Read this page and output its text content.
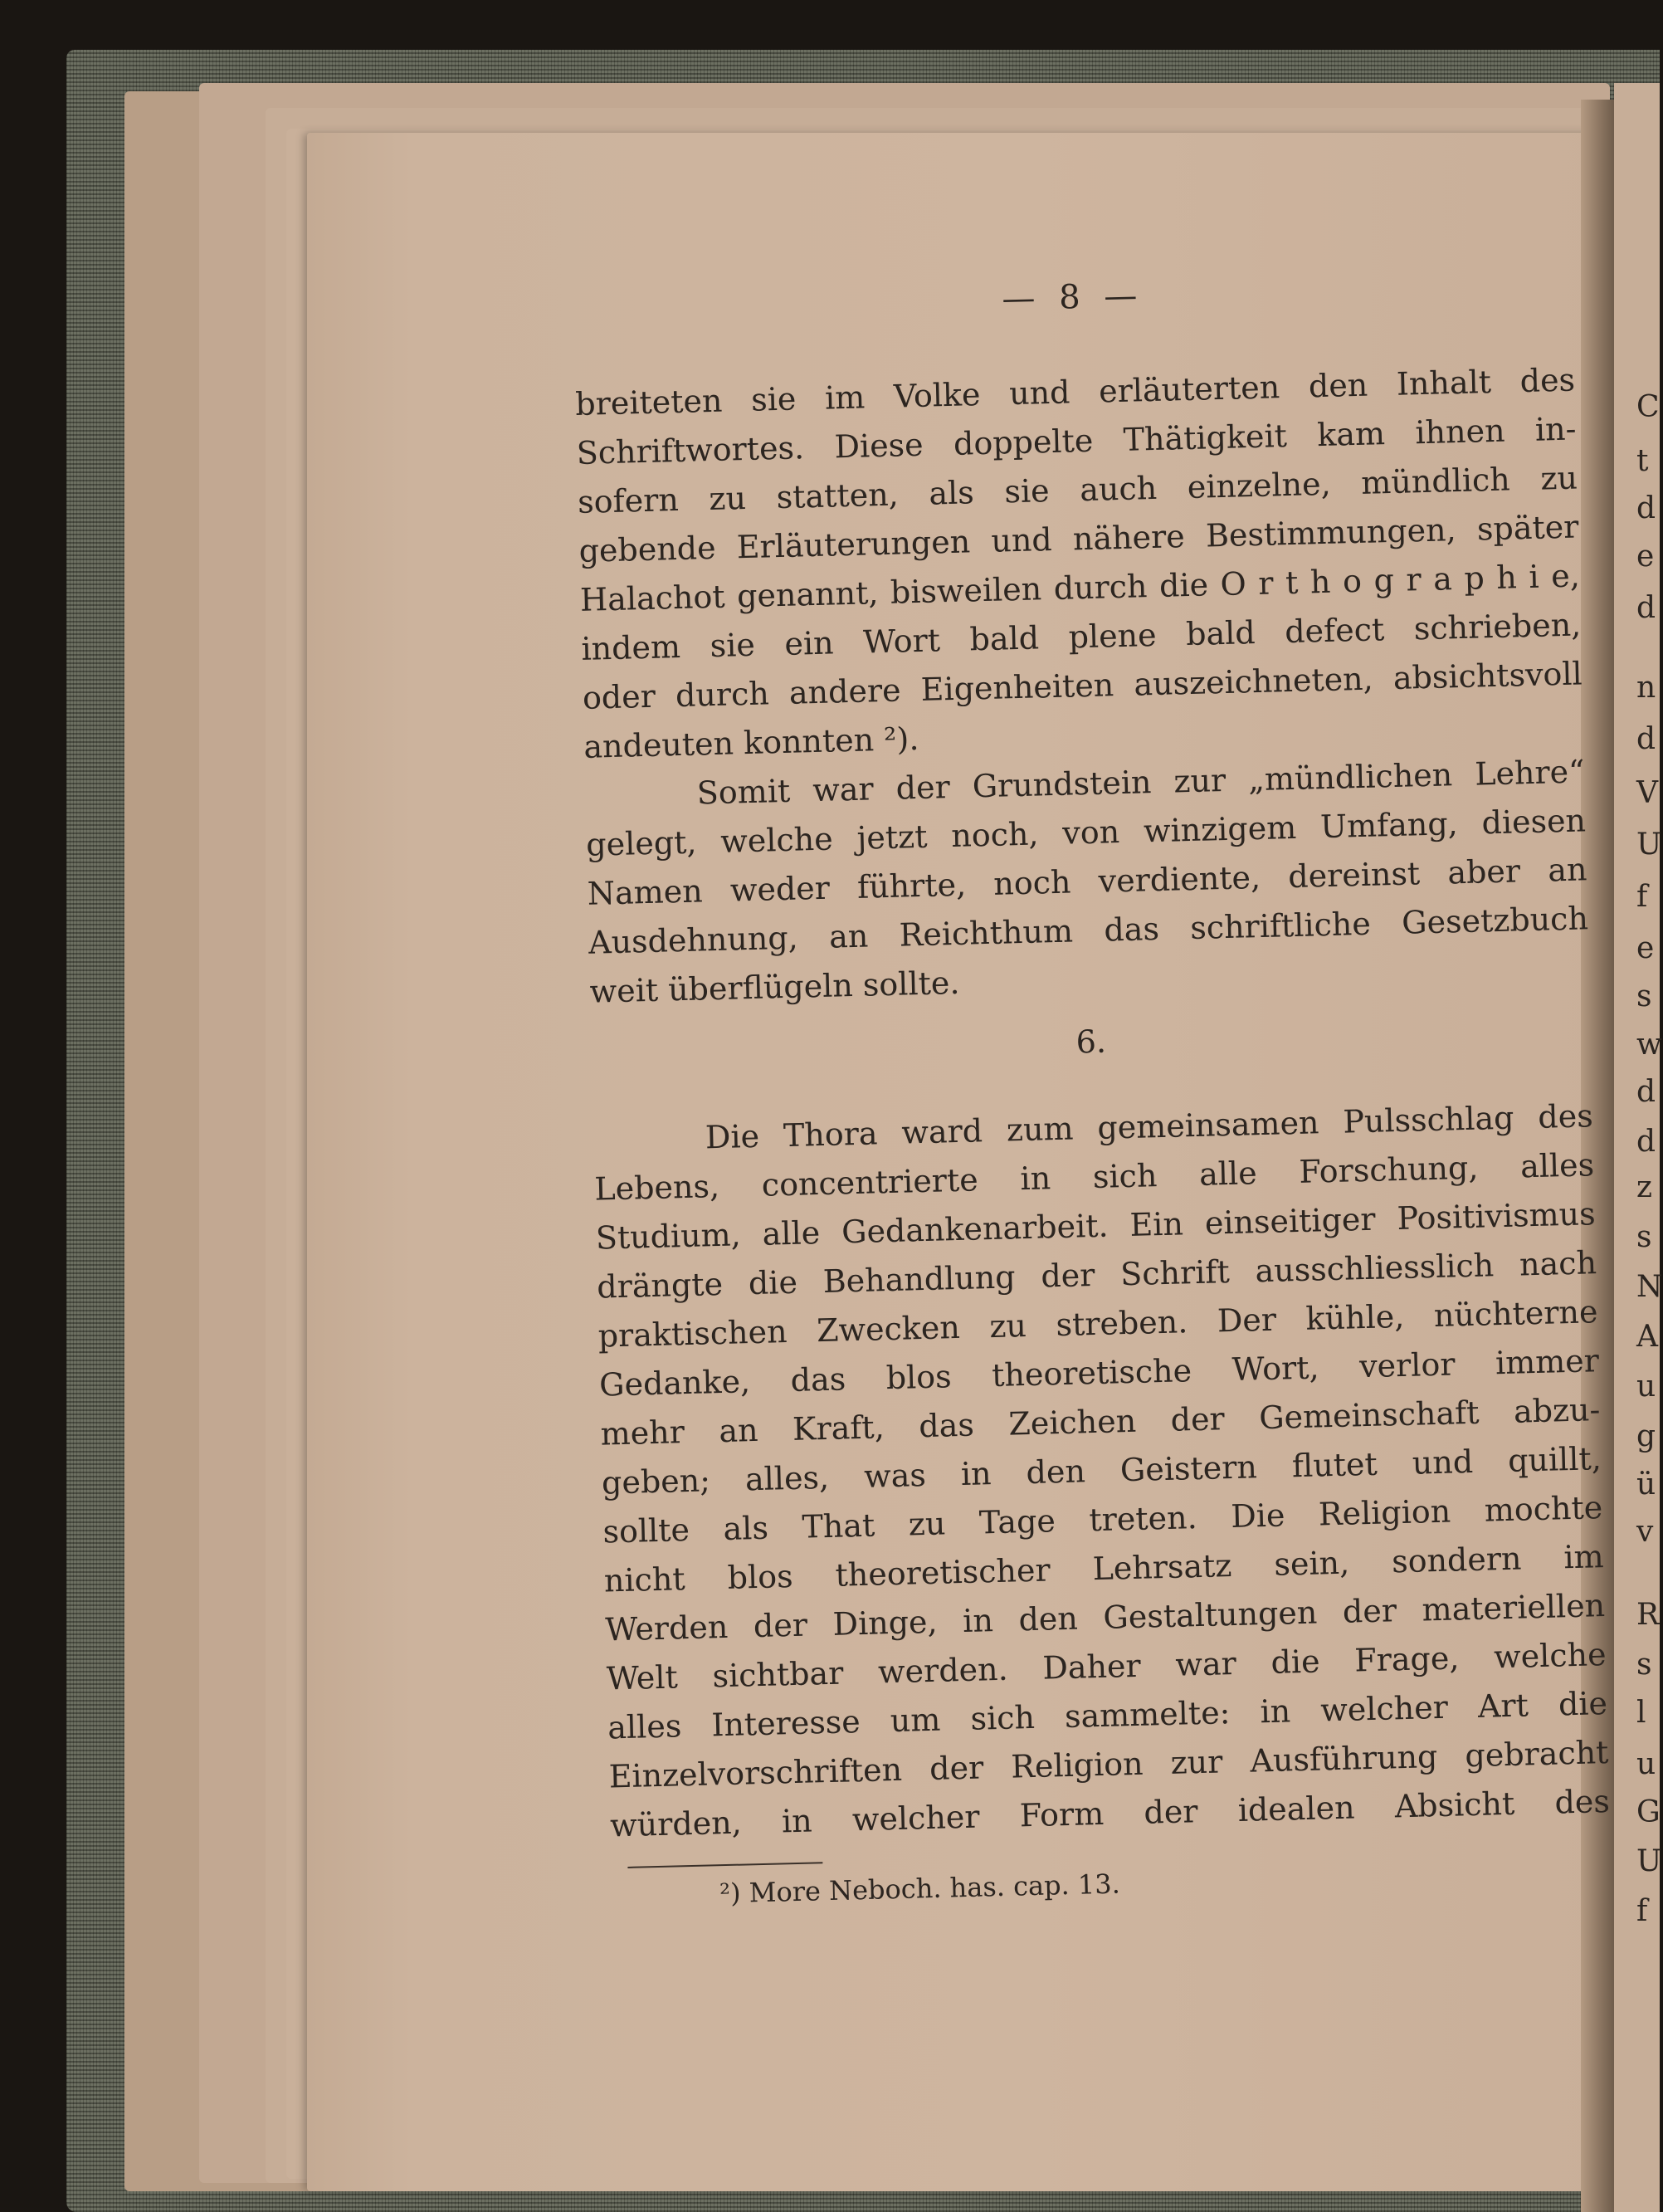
— 8 —
breiteten sie im Volke und erläuterten den Inhalt des
Schriftwortes. Diese doppelte Thätigkeit kam ihnen in-
sofern zu statten, als sie auch einzelne, mündlich zu
gebende Erläuterungen und nähere Bestimmungen, später
Halachot genannt, bisweilen durch die O r t h o g r a p h i e,
indem sie ein Wort bald plene bald defect schrieben,
oder durch andere Eigenheiten auszeichneten, absichtsvoll
andeuten konnten ²).
Somit war der Grundstein zur „mündlichen Lehre“
gelegt, welche jetzt noch, von winzigem Umfang, diesen
Namen weder führte, noch verdiente, dereinst aber an
Ausdehnung, an Reichthum das schriftliche Gesetzbuch
weit überflügeln sollte.
6.
Die Thora ward zum gemeinsamen Pulsschlag des
Lebens, concentrierte in sich alle Forschung, alles
Studium, alle Gedankenarbeit. Ein einseitiger Positivismus
drängte die Behandlung der Schrift ausschliesslich nach
praktischen Zwecken zu streben. Der kühle, nüchterne
Gedanke, das blos theoretische Wort, verlor immer
mehr an Kraft, das Zeichen der Gemeinschaft abzu-
geben; alles, was in den Geistern flutet und quillt,
sollte als That zu Tage treten. Die Religion mochte
nicht blos theoretischer Lehrsatz sein, sondern im
Werden der Dinge, in den Gestaltungen der materiellen
Welt sichtbar werden. Daher war die Frage, welche
alles Interesse um sich sammelte: in welcher Art die
Einzelvorschriften der Religion zur Ausführung gebracht
würden, in welcher Form der idealen Absicht des
²) More Neboch. has. cap. 13.
C
t
d
e
d
n
d
V
U
f
e
s
w
d
d
z
s
N
A
u
g
ü
v
R
s
l
u
G
U
f
